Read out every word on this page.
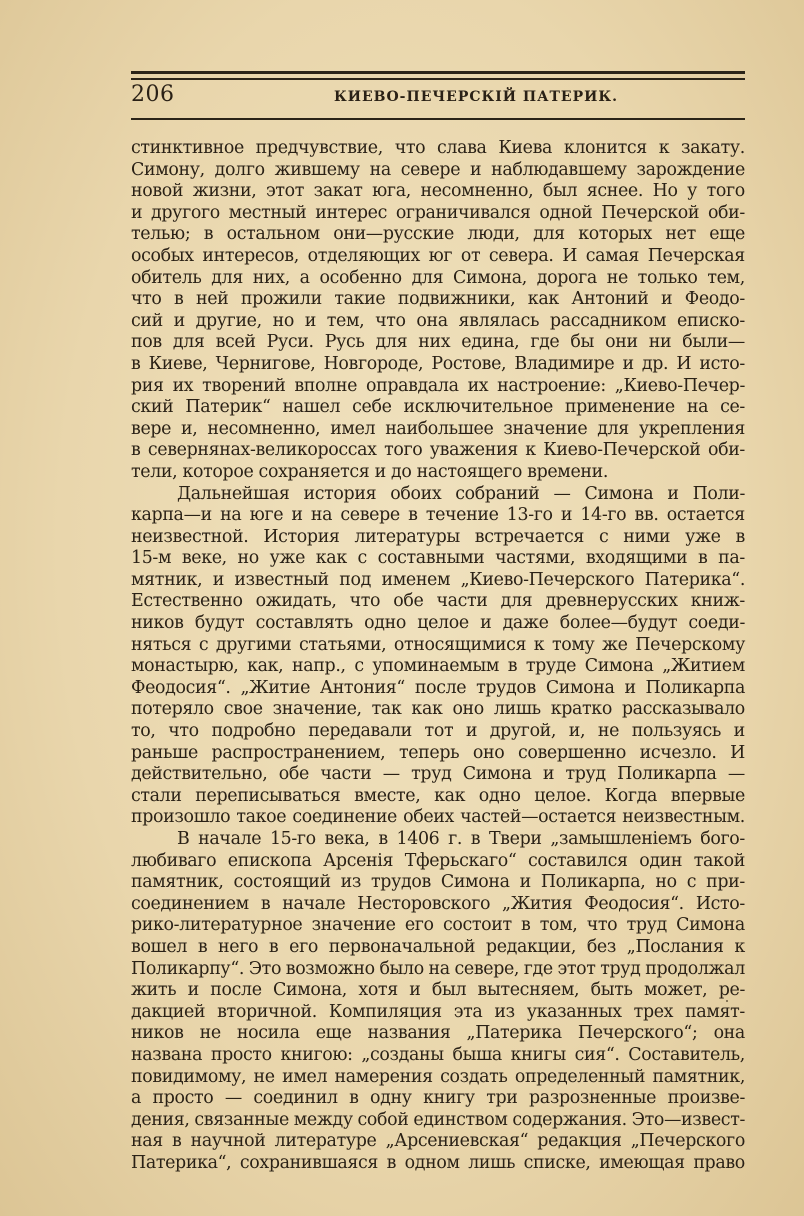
206	КИЕВО-ПЕЧЕРСКІЙ ПАТЕРИК.
стинктивное предчувствие, что слава Киева клонится к закату.
Симону, долго жившему на севере и наблюдавшему зарождение
новой жизни, этот закат юга, несомненно, был яснее. Но у того
и другого местный интерес ограничивался одной Печерской оби-
телью; в остальном они—русские люди, для которых нет еще
особых интересов, отделяющих юг от севера. И самая Печерская
обитель для них, а особенно для Симона, дорога не только тем,
что в ней прожили такие подвижники, как Антоний и Феодо-
сий и другие, но и тем, что она являлась рассадником еписко-
пов для всей Руси. Русь для них едина, где бы они ни были—
в Киеве, Чернигове, Новгороде, Ростове, Владимире и др. И исто-
рия их творений вполне оправдала их настроение: „Киево-Печер-
ский Патерик“ нашел себе исключительное применение на се-
вере и, несомненно, имел наибольшее значение для укрепления
в севернянах-великороссах того уважения к Киево-Печерской оби-
тели, которое сохраняется и до настоящего времени.
Дальнейшая история обоих собраний — Симона и Поли-
карпа—и на юге и на севере в течение 13-го и 14-го вв. остается
неизвестной. История литературы встречается с ними уже в
15-м веке, но уже как с составными частями, входящими в па-
мятник, и известный под именем „Киево-Печерского Патерика“.
Естественно ожидать, что обе части для древнерусских книж-
ников будут составлять одно целое и даже более—будут соеди-
няться с другими статьями, относящимися к тому же Печерскому
монастырю, как, напр., с упоминаемым в труде Симона „Житием
Феодосия“. „Житие Антония“ после трудов Симона и Поликарпа
потеряло свое значение, так как оно лишь кратко рассказывало
то, что подробно передавали тот и другой, и, не пользуясь и
раньше распространением, теперь оно совершенно исчезло. И
действительно, обе части — труд Симона и труд Поликарпа —
стали переписываться вместе, как одно целое. Когда впервые
произошло такое соединение обеих частей—остается неизвестным.
В начале 15-го века, в 1406 г. в Твери „замышленіемъ бого-
любиваго епископа Арсенія Тферьскаго“ составился один такой
памятник, состоящий из трудов Симона и Поликарпа, но с при-
соединением в начале Несторовского „Жития Феодосия“. Исто-
рико-литературное значение его состоит в том, что труд Симона
вошел в него в его первоначальной редакции, без „Послания к
Поликарпу“. Это возможно было на севере, где этот труд продолжал
жить и после Симона, хотя и был вытесняем, быть может, ре-
дакцией вторичной. Компиляция эта из указанных трех памят-
ников не носила еще названия „Патерика Печерского“; она
названа просто книгою: „созданы быша книгы сия“. Составитель,
повидимому, не имел намерения создать определенный памятник,
а просто — соединил в одну книгу три разрозненные произве-
дения, связанные между собой единством содержания. Это—извест-
ная в научной литературе „Арсениевская“ редакция „Печерского
Патерика“, сохранившаяся в одном лишь списке, имеющая право
